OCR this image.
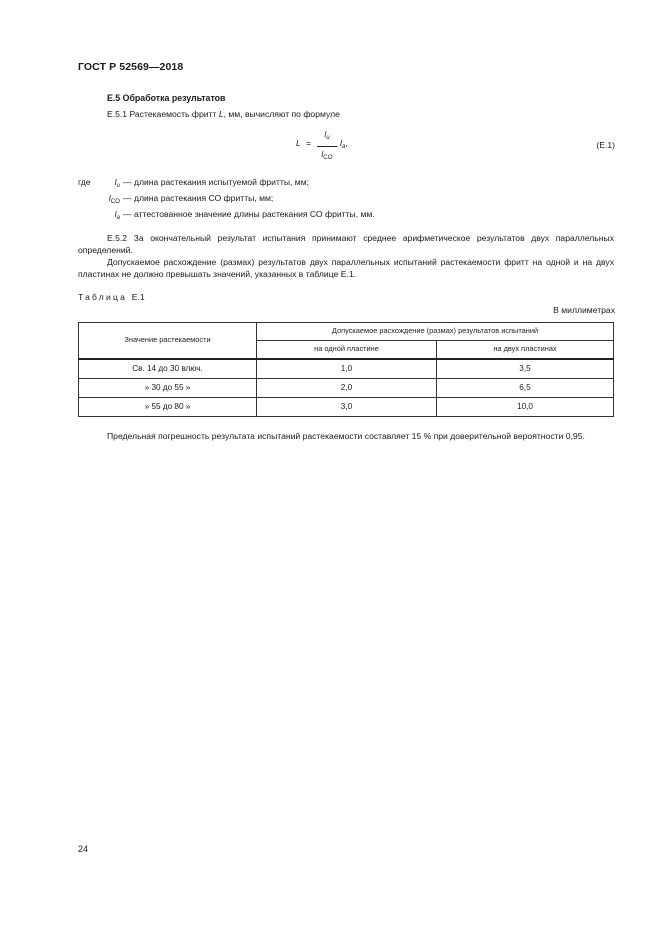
ГОСТ Р 52569—2018
Е.5 Обработка результатов
Е.5.1 Растекаемость фритт L, мм, вычисляют по формуле
L =
$l_u$
$l_{CO}$
$l_a$,	(Е.1)
где	$l_u$ — длина растекания испытуемой фритты, мм;
$l_{CO}$ — длина растекания СО фритты, мм;
$l_a$ — аттестованное значение длины растекания СО фритты, мм.
Е.5.2 За окончательный результат испытания принимают среднее арифметическое результатов двух параллельных определений.
Допускаемое расхождение (размах) результатов двух параллельных испытаний растекаемости фритт на одной и на двух пластинах не должно превышать значений, указанных в таблице Е.1.
Таблица Е.1
В миллиметрах
Значение растекаемости	Допускаемое расхождение (размах) результатов испытаний	
	на одной пластине	на двух пластинах
Св. 14 до 30 влюч.	1,0	3,5
» 30 до 55 »	2,0	6,5
» 55 до 80 »	3,0	10,0
Предельная погрешность результата испытаний растекаемости составляет 15 % при доверительной вероятности 0,95.
24
